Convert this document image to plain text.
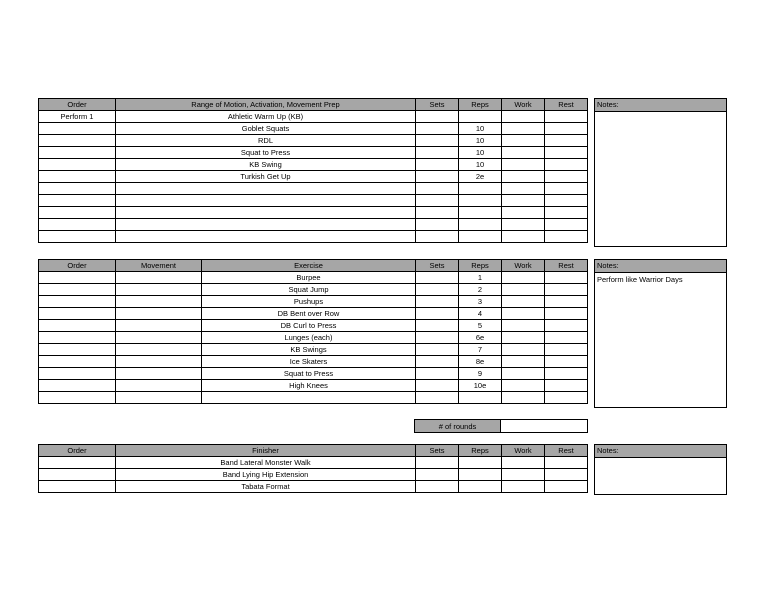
Order	Range of Motion, Activation, Movement Prep	Sets	Reps	Work	Rest
Perform 1	Athletic Warm Up (KB)				
	Goblet Squats		10		
	RDL		10		
	Squat to Press		10		
	KB Swing		10		
	Turkish Get Up		2e		

Notes:
Order	Movement	Exercise	Sets	Reps	Work	Rest
		Burpee		1		
		Squat Jump		2		
		Pushups		3		
		DB Bent over Row		4		
		DB Curl to Press		5		
		Lunges (each)		6e		
		KB Swings		7		
		Ice Skaters		8e		
		Squat to Press		9		
		High Knees		10e		

Notes:
Perform like Warrior Days
# of rounds	
Order	Finisher	Sets	Reps	Work	Rest
	Band Lateral Monster Walk				
	Band Lying Hip Extension				
	Tabata Format				
Notes:
